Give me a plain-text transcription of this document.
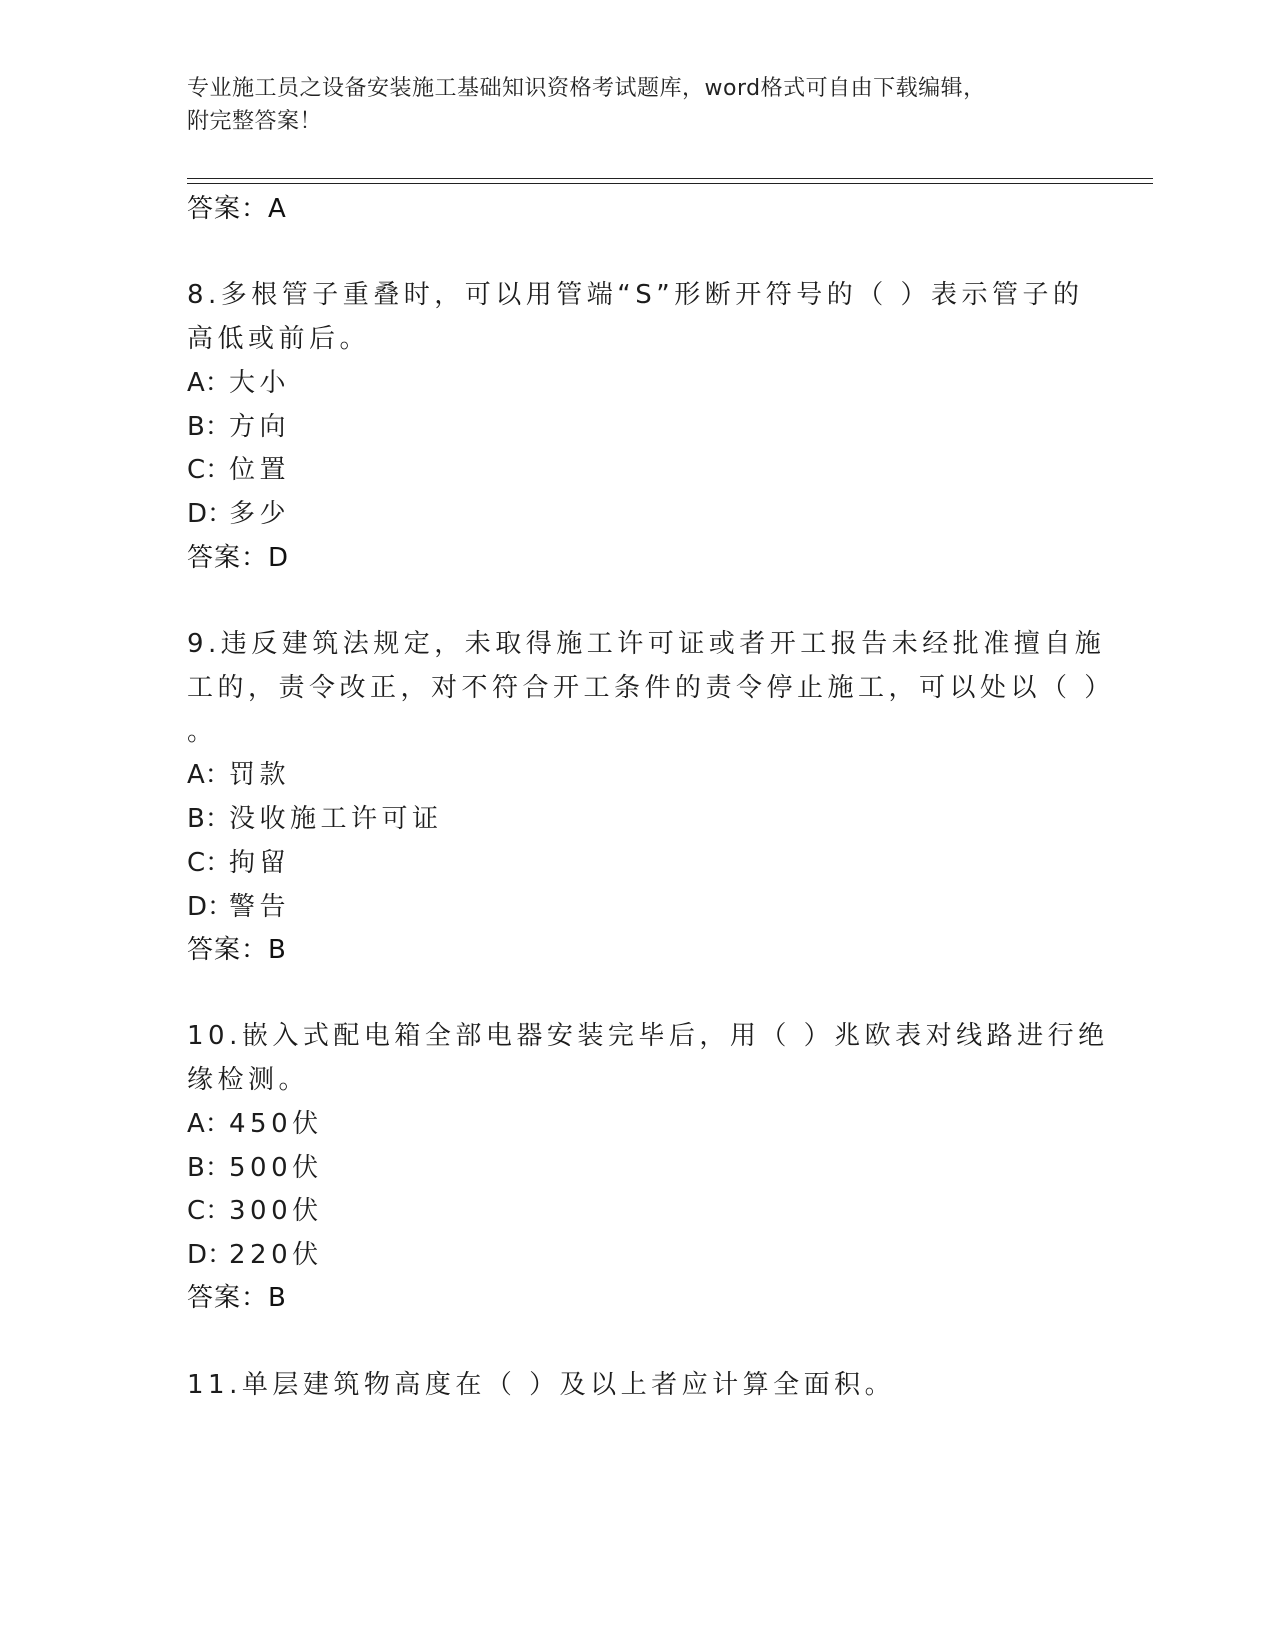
专业施工员之设备安装施工基础知识资格考试题库，word格式可自由下载编辑，
附完整答案！
答案：A
8.多根管子重叠时，可以用管端“S”形断开符号的（ ）表示管子的
高低或前后。
A：大小
B：方向
C：位置
D：多少
答案：D
9.违反建筑法规定，未取得施工许可证或者开工报告未经批准擅自施
工的，责令改正，对不符合开工条件的责令停止施工，可以处以（ ）
。
A：罚款
B：没收施工许可证
C：拘留
D：警告
答案：B
10.嵌入式配电箱全部电器安装完毕后，用（ ）兆欧表对线路进行绝
缘检测。
A：450伏
B：500伏
C：300伏
D：220伏
答案：B
11.单层建筑物高度在（ ）及以上者应计算全面积。
